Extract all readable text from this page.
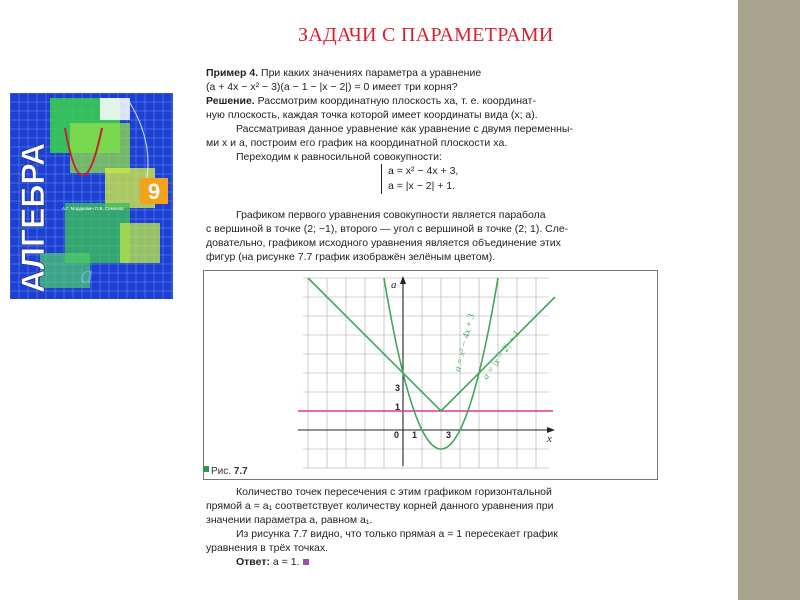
ЗАДАЧИ С ПАРАМЕТРАМИ
9
АЛГЕБРА А.Г. Мордкович П.В. Семенов
a
Пример 4. При каких значениях параметра a уравнение
(a + 4x − x² − 3)(a − 1 − |x − 2|) = 0 имеет три корня?
Решение. Рассмотрим координатную плоскость xa, т. е. координат-
ную плоскость, каждая точка которой имеет координаты вида (x; a).
Рассматривая данное уравнение как уравнение с двумя переменны-
ми x и a, построим его график на координатной плоскости xa.
Переходим к равносильной совокупности:
a = x² − 4x + 3,
a = |x − 2| + 1.
Графиком первого уравнения совокупности является парабола
с вершиной в точке (2; −1), второго — угол с вершиной в точке (2; 1). Сле-
довательно, графиком исходного уравнения является объединение этих
фигур (на рисунке 7.7 график изображён зелёным цветом).
a
x
3
1
0 1	3
a = x² − 4x + 3 a = |x − 2| + 1
Рис. 7.7
Количество точек пересечения с этим графиком горизонтальной
прямой a = a₁ соответствует количеству корней данного уравнения при
значении параметра a, равном a₁.
Из рисунка 7.7 видно, что только прямая a = 1 пересекает график
уравнения в трёх точках.
Ответ: a = 1.
